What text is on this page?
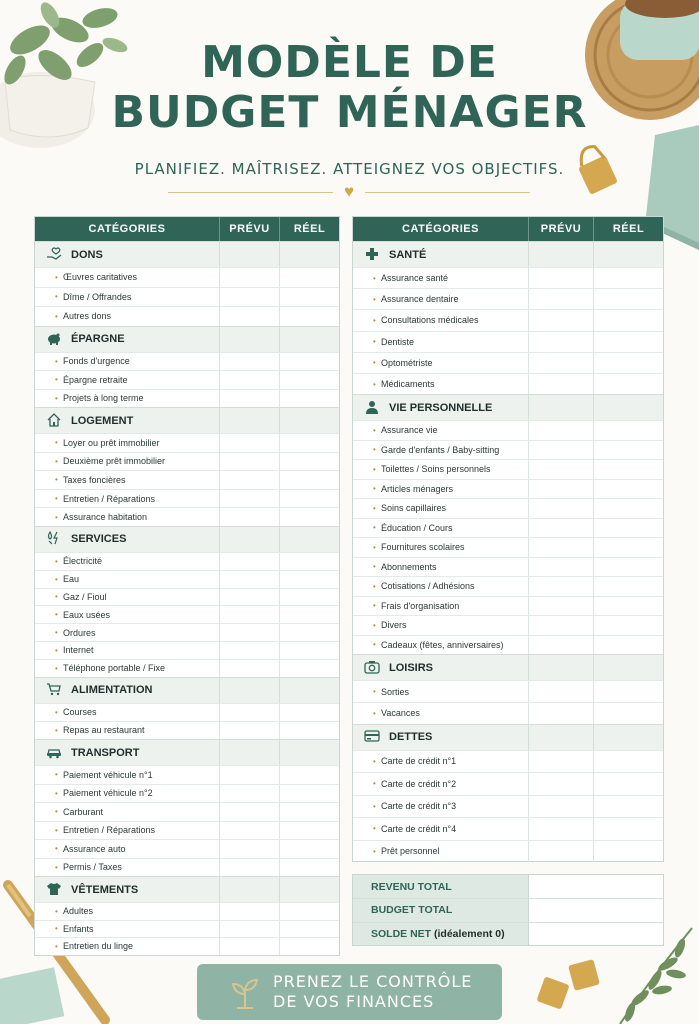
MODÈLE DE
BUDGET MÉNAGER
PLANIFIEZ. MAÎTRISEZ. ATTEIGNEZ VOS OBJECTIFS.
♥
CATÉGORIES	PRÉVU	RÉEL
DONS
• Œuvres caritatives
• Dîme / Offrandes
• Autres dons
ÉPARGNE
• Fonds d'urgence
• Épargne retraite
• Projets à long terme
LOGEMENT
• Loyer ou prêt immobilier
• Deuxième prêt immobilier
• Taxes foncières
• Entretien / Réparations
• Assurance habitation
SERVICES
• Électricité
• Eau
• Gaz / Fioul
• Eaux usées
• Ordures
• Internet
• Téléphone portable / Fixe
ALIMENTATION
• Courses
• Repas au restaurant
TRANSPORT
• Paiement véhicule n°1
• Paiement véhicule n°2
• Carburant
• Entretien / Réparations
• Assurance auto
• Permis / Taxes
VÊTEMENTS
• Adultes
• Enfants
• Entretien du linge
CATÉGORIES	PRÉVU	RÉEL
SANTÉ
• Assurance santé
• Assurance dentaire
• Consultations médicales
• Dentiste
• Optométriste
• Médicaments
VIE PERSONNELLE
• Assurance vie
• Garde d'enfants / Baby-sitting
• Toilettes / Soins personnels
• Articles ménagers
• Soins capillaires
• Éducation / Cours
• Fournitures scolaires
• Abonnements
• Cotisations / Adhésions
• Frais d'organisation
• Divers
• Cadeaux (fêtes, anniversaires)
LOISIRS
• Sorties
• Vacances
DETTES
• Carte de crédit n°1
• Carte de crédit n°2
• Carte de crédit n°3
• Carte de crédit n°4
• Prêt personnel
REVENU TOTAL
BUDGET TOTAL
SOLDE NET
(idéalement 0)
PRENEZ LE CONTRÔLE
DE VOS FINANCES
